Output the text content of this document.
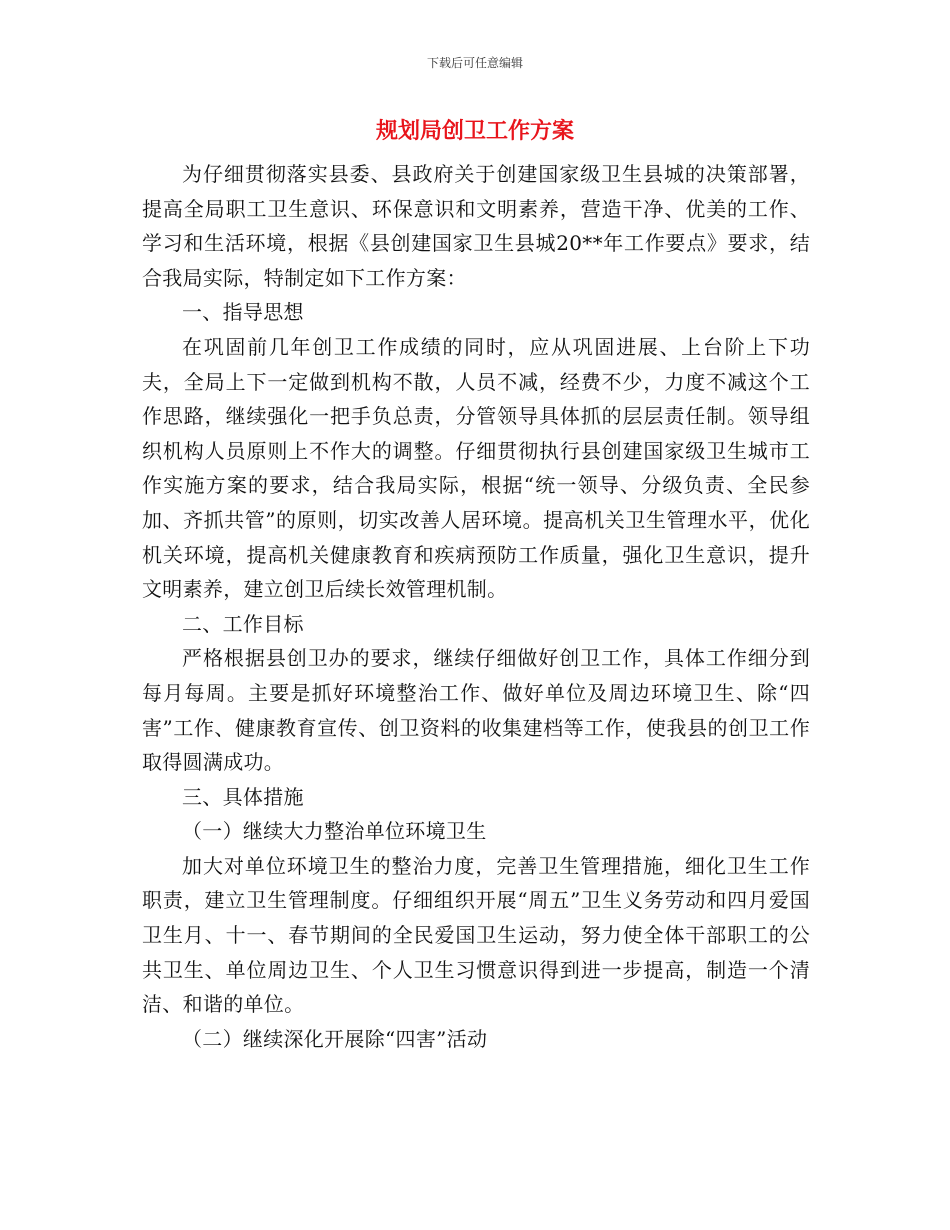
下载后可任意编辑
规划局创卫工作方案

为仔细贯彻落实县委、县政府关于创建国家级卫生县城的决策部署，提高全局职工卫生意识、环保意识和文明素养，营造干净、优美的工作、学习和生活环境，根据《县创建国家卫生县城20**年工作要点》要求，结合我局实际，特制定如下工作方案：

一、指导思想

在巩固前几年创卫工作成绩的同时，应从巩固进展、上台阶上下功夫，全局上下一定做到机构不散，人员不减，经费不少，力度不减这个工作思路，继续强化一把手负总责，分管领导具体抓的层层责任制。领导组织机构人员原则上不作大的调整。仔细贯彻执行县创建国家级卫生城市工作实施方案的要求，结合我局实际，根据“统一领导、分级负责、全民参加、齐抓共管”的原则，切实改善人居环境。提高机关卫生管理水平，优化机关环境，提高机关健康教育和疾病预防工作质量，强化卫生意识，提升文明素养，建立创卫后续长效管理机制。

二、工作目标

严格根据县创卫办的要求，继续仔细做好创卫工作，具体工作细分到每月每周。主要是抓好环境整治工作、做好单位及周边环境卫生、除“四害”工作、健康教育宣传、创卫资料的收集建档等工作，使我县的创卫工作取得圆满成功。

三、具体措施

（一）继续大力整治单位环境卫生

加大对单位环境卫生的整治力度，完善卫生管理措施，细化卫生工作职责，建立卫生管理制度。仔细组织开展“周五”卫生义务劳动和四月爱国卫生月、十一、春节期间的全民爱国卫生运动，努力使全体干部职工的公共卫生、单位周边卫生、个人卫生习惯意识得到进一步提高，制造一个清洁、和谐的单位。

（二）继续深化开展除“四害”活动
